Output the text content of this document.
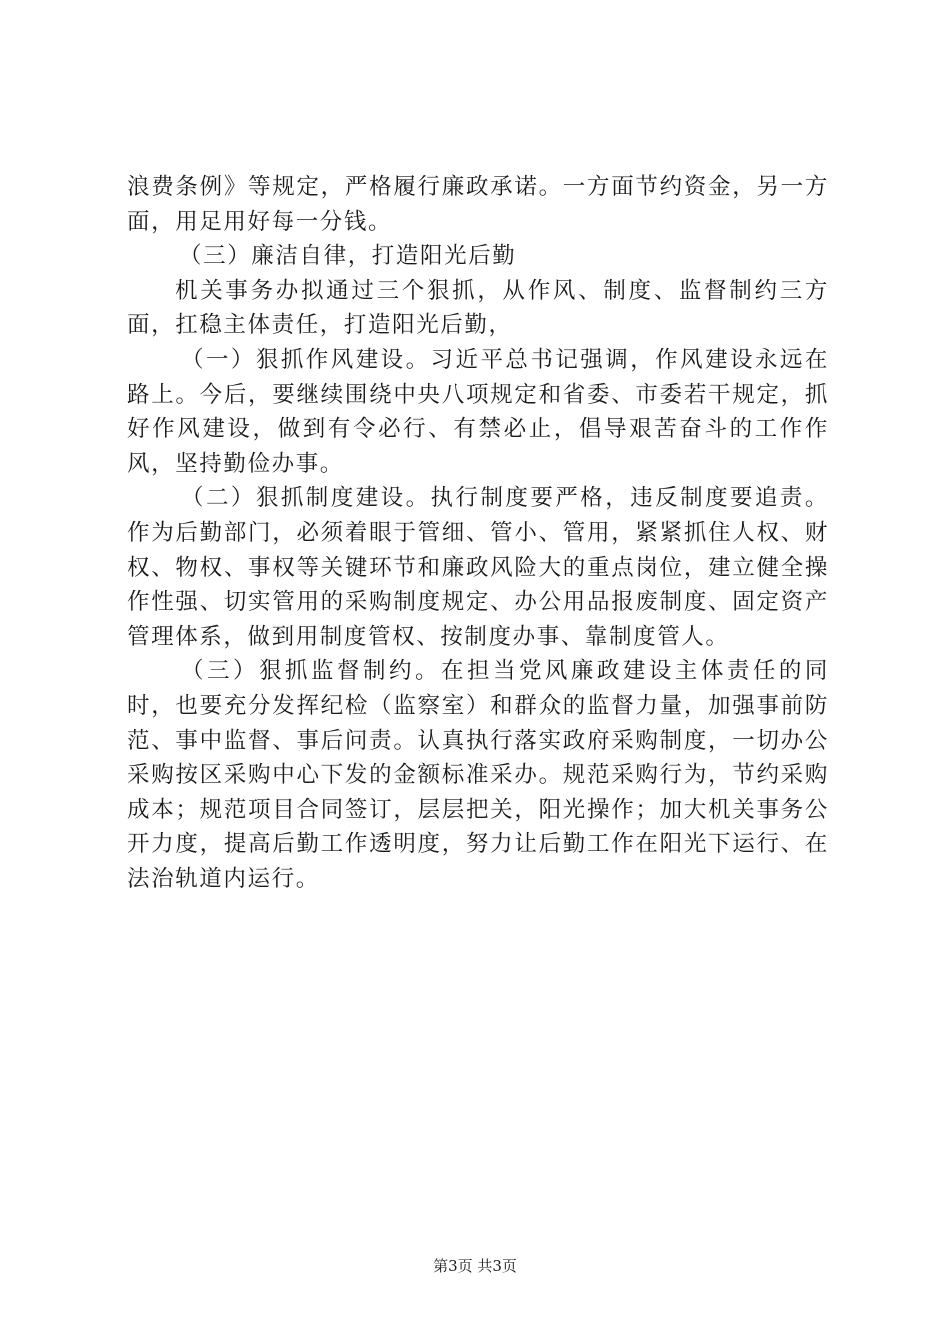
浪费条例》等规定，严格履行廉政承诺。一方面节约资金，另一方面，用足用好每一分钱。

（三）廉洁自律，打造阳光后勤

机关事务办拟通过三个狠抓，从作风、制度、监督制约三方面，扛稳主体责任，打造阳光后勤，

（一）狠抓作风建设。习近平总书记强调，作风建设永远在路上。今后，要继续围绕中央八项规定和省委、市委若干规定，抓好作风建设，做到有令必行、有禁必止，倡导艰苦奋斗的工作作风，坚持勤俭办事。

（二）狠抓制度建设。执行制度要严格，违反制度要追责。作为后勤部门，必须着眼于管细、管小、管用，紧紧抓住人权、财权、物权、事权等关键环节和廉政风险大的重点岗位，建立健全操作性强、切实管用的采购制度规定、办公用品报废制度、固定资产管理体系，做到用制度管权、按制度办事、靠制度管人。

（三）狠抓监督制约。在担当党风廉政建设主体责任的同时，也要充分发挥纪检（监察室）和群众的监督力量，加强事前防范、事中监督、事后问责。认真执行落实政府采购制度，一切办公采购按区采购中心下发的金额标准采办。规范采购行为，节约采购成本；规范项目合同签订，层层把关，阳光操作；加大机关事务公开力度，提高后勤工作透明度，努力让后勤工作在阳光下运行、在法治轨道内运行。

第3页 共3页
